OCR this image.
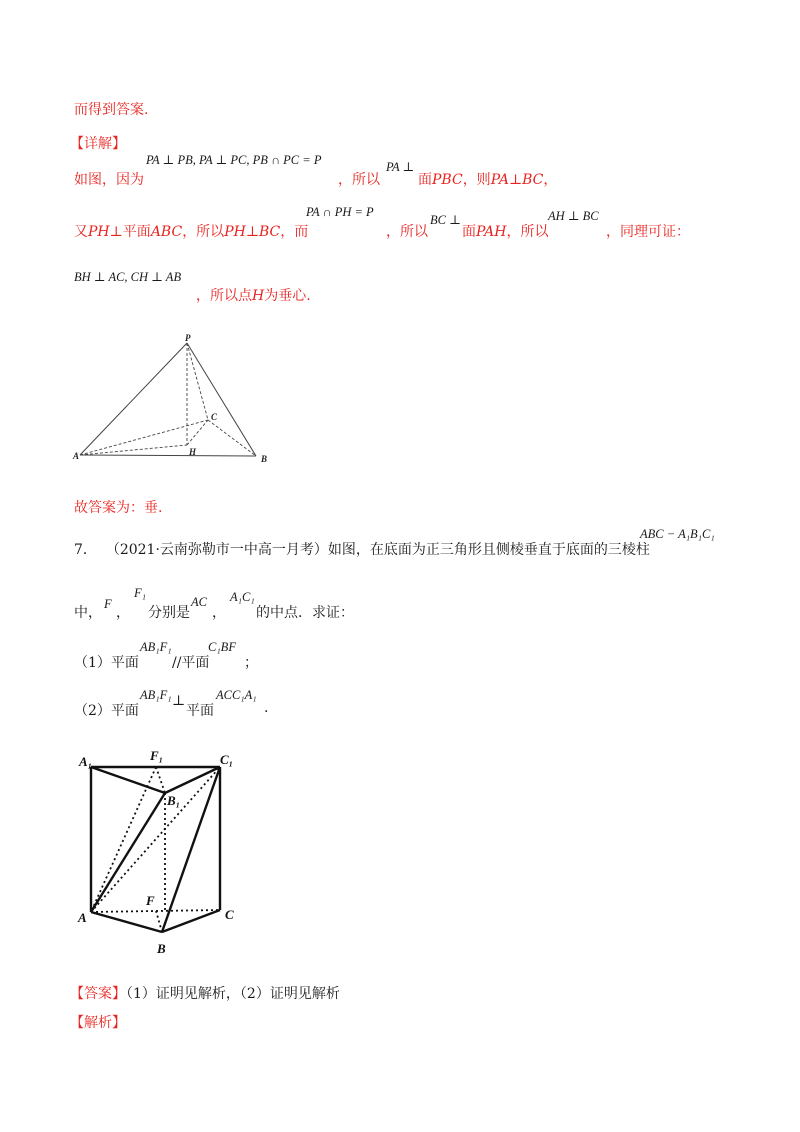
而得到答案.
【详解】
如图，因为
PA ⊥ PB, PA ⊥ PC, PB ∩ PC = P
，所以
PA ⊥
面PBC，则PA⊥BC，
又PH⊥平面ABC，所以PH⊥BC，而
PA ∩ PH = P
，所以
BC ⊥
面PAH，所以
AH ⊥ BC
，同理可证：
BH ⊥ AC, CH ⊥ AB
，所以点H为垂心.
P
C
H
A	B
故答案为：垂.
7． （2021·云南弥勒市一中高一月考）如图，在底面为正三角形且侧棱垂直于底面的三棱柱
ABC − A₁B₁C₁
中，
F
，
F₁
分别是
AC
，
A₁C₁
的中点．求证：
（1）平面
AB₁F₁
//平面
C₁BF
；
（2）平面
AB₁F₁ ⊥
平面
ACC₁A₁
.
A₁	F₁	C₁
B₁
F
A
B
C
【答案】（1）证明见解析，（2）证明见解析
【解析】
